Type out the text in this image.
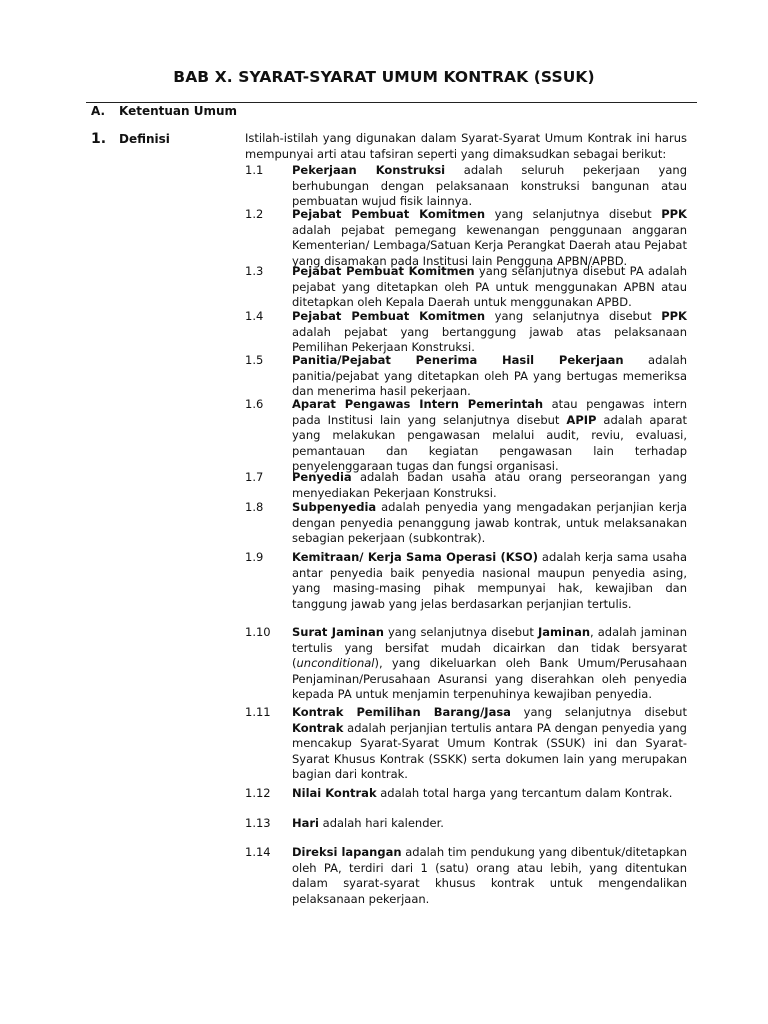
BAB X. SYARAT-SYARAT UMUM KONTRAK (SSUK)
A. Ketentuan Umum
1. Definisi	Istilah-istilah yang digunakan dalam Syarat-Syarat Umum Kontrak ini harus mempunyai arti atau tafsiran seperti yang dimaksudkan sebagai berikut:
1.1 Pekerjaan Konstruksi adalah seluruh pekerjaan yang berhubungan dengan pelaksanaan konstruksi bangunan atau pembuatan wujud fisik lainnya.
1.2 Pejabat Pembuat Komitmen yang selanjutnya disebut PPK adalah pejabat pemegang kewenangan penggunaan anggaran Kementerian/ Lembaga/Satuan Kerja Perangkat Daerah atau Pejabat yang disamakan pada Institusi lain Pengguna APBN/APBD.
1.3 Pejabat Pembuat Komitmen yang selanjutnya disebut PA adalah pejabat yang ditetapkan oleh PA untuk menggunakan APBN atau ditetapkan oleh Kepala Daerah untuk menggunakan APBD.
1.4 Pejabat Pembuat Komitmen yang selanjutnya disebut PPK adalah pejabat yang bertanggung jawab atas pelaksanaan Pemilihan Pekerjaan Konstruksi.
1.5 Panitia/Pejabat Penerima Hasil Pekerjaan adalah panitia/pejabat yang ditetapkan oleh PA yang bertugas memeriksa dan menerima hasil pekerjaan.
1.6 Aparat Pengawas Intern Pemerintah atau pengawas intern pada Institusi lain yang selanjutnya disebut APIP adalah aparat yang melakukan pengawasan melalui audit, reviu, evaluasi, pemantauan dan kegiatan pengawasan lain terhadap penyelenggaraan tugas dan fungsi organisasi.
1.7 Penyedia adalah badan usaha atau orang perseorangan yang menyediakan Pekerjaan Konstruksi.
1.8 Subpenyedia adalah penyedia yang mengadakan perjanjian kerja dengan penyedia penanggung jawab kontrak, untuk melaksanakan sebagian pekerjaan (subkontrak).
1.9 Kemitraan/ Kerja Sama Operasi (KSO) adalah kerja sama usaha antar penyedia baik penyedia nasional maupun penyedia asing, yang masing-masing pihak mempunyai hak, kewajiban dan tanggung jawab yang jelas berdasarkan perjanjian tertulis.
1.10 Surat Jaminan yang selanjutnya disebut Jaminan, adalah jaminan tertulis yang bersifat mudah dicairkan dan tidak bersyarat (unconditional), yang dikeluarkan oleh Bank Umum/Perusahaan Penjaminan/Perusahaan Asuransi yang diserahkan oleh penyedia kepada PA untuk menjamin terpenuhinya kewajiban penyedia.
1.11 Kontrak Pemilihan Barang/Jasa yang selanjutnya disebut Kontrak adalah perjanjian tertulis antara PA dengan penyedia yang mencakup Syarat-Syarat Umum Kontrak (SSUK) ini dan Syarat-Syarat Khusus Kontrak (SSKK) serta dokumen lain yang merupakan bagian dari kontrak.
1.12 Nilai Kontrak adalah total harga yang tercantum dalam Kontrak.
1.13 Hari adalah hari kalender.
1.14 Direksi lapangan adalah tim pendukung yang dibentuk/ditetapkan oleh PA, terdiri dari 1 (satu) orang atau lebih, yang ditentukan dalam syarat-syarat khusus kontrak untuk mengendalikan pelaksanaan pekerjaan.
